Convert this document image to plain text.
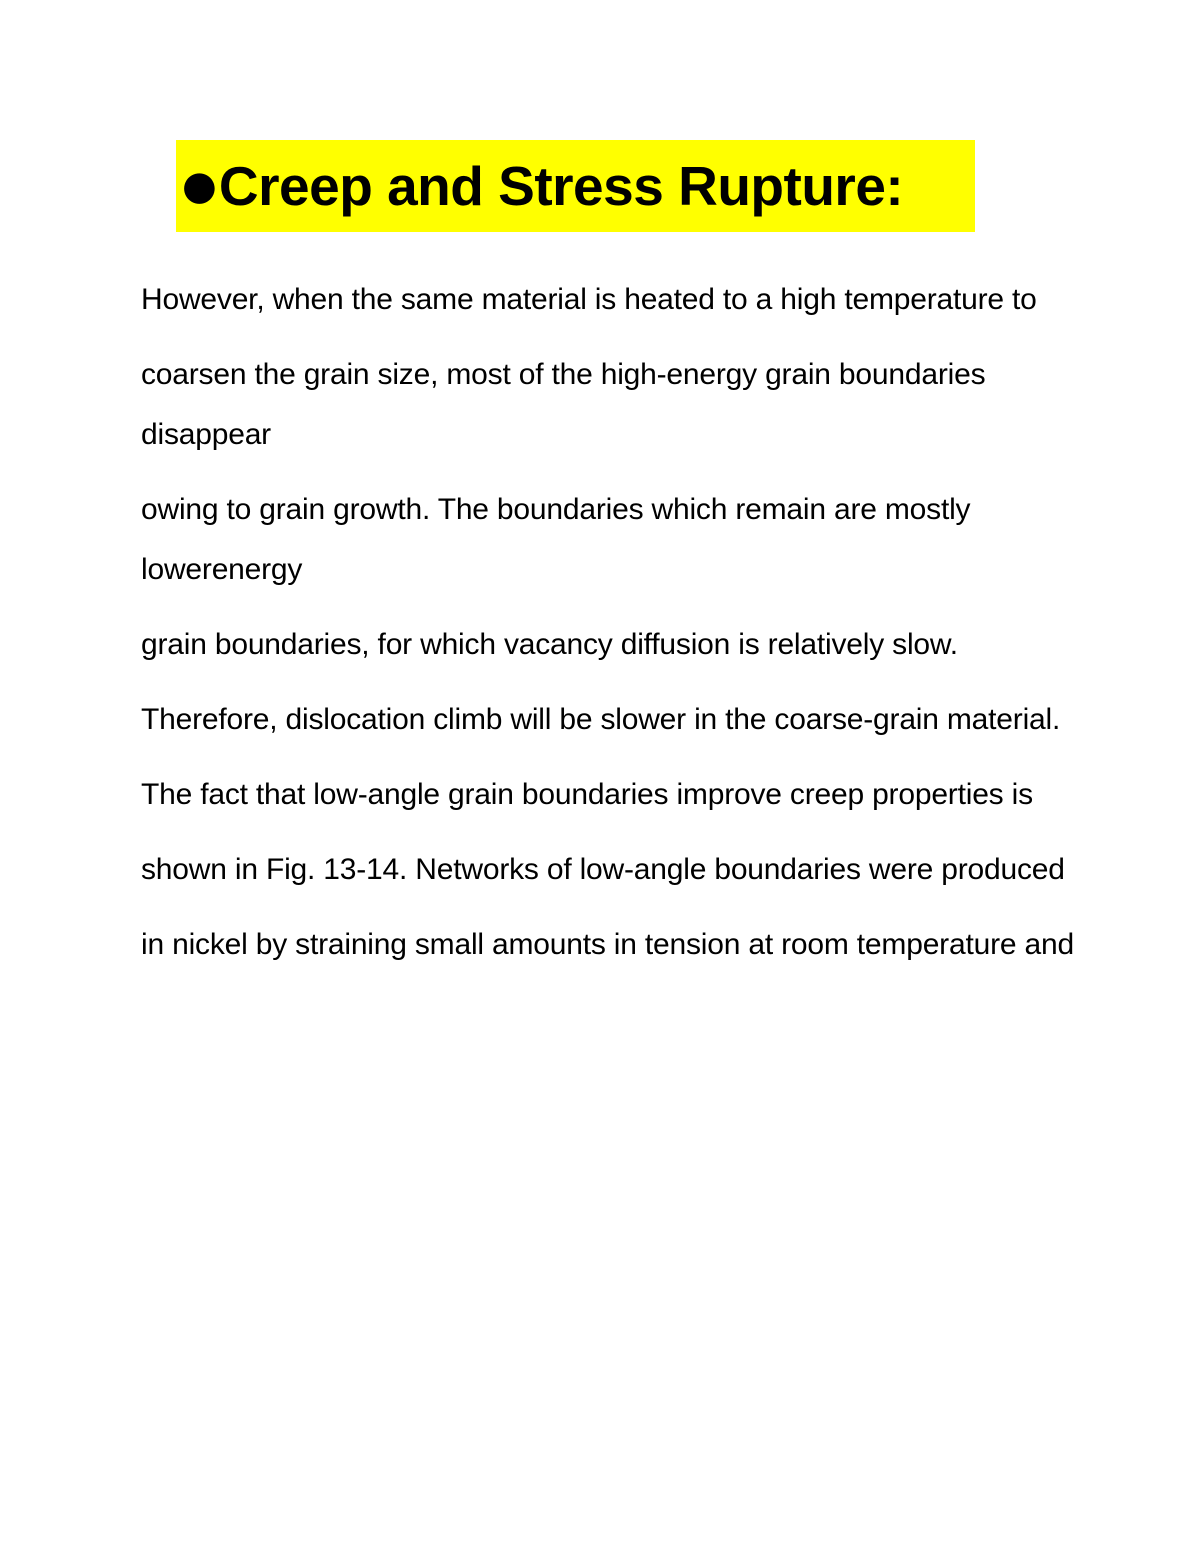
● Creep and Stress Rupture:

However, when the same material is heated to a high temperature to

coarsen the grain size, most of the high-energy grain boundaries disappear

owing to grain growth. The boundaries which remain are mostly lowerenergy

grain boundaries, for which vacancy diffusion is relatively slow.

Therefore, dislocation climb will be slower in the coarse-grain material.

The fact that low-angle grain boundaries improve creep properties is

shown in Fig. 13-14. Networks of low-angle boundaries were produced

in nickel by straining small amounts in tension at room temperature and
